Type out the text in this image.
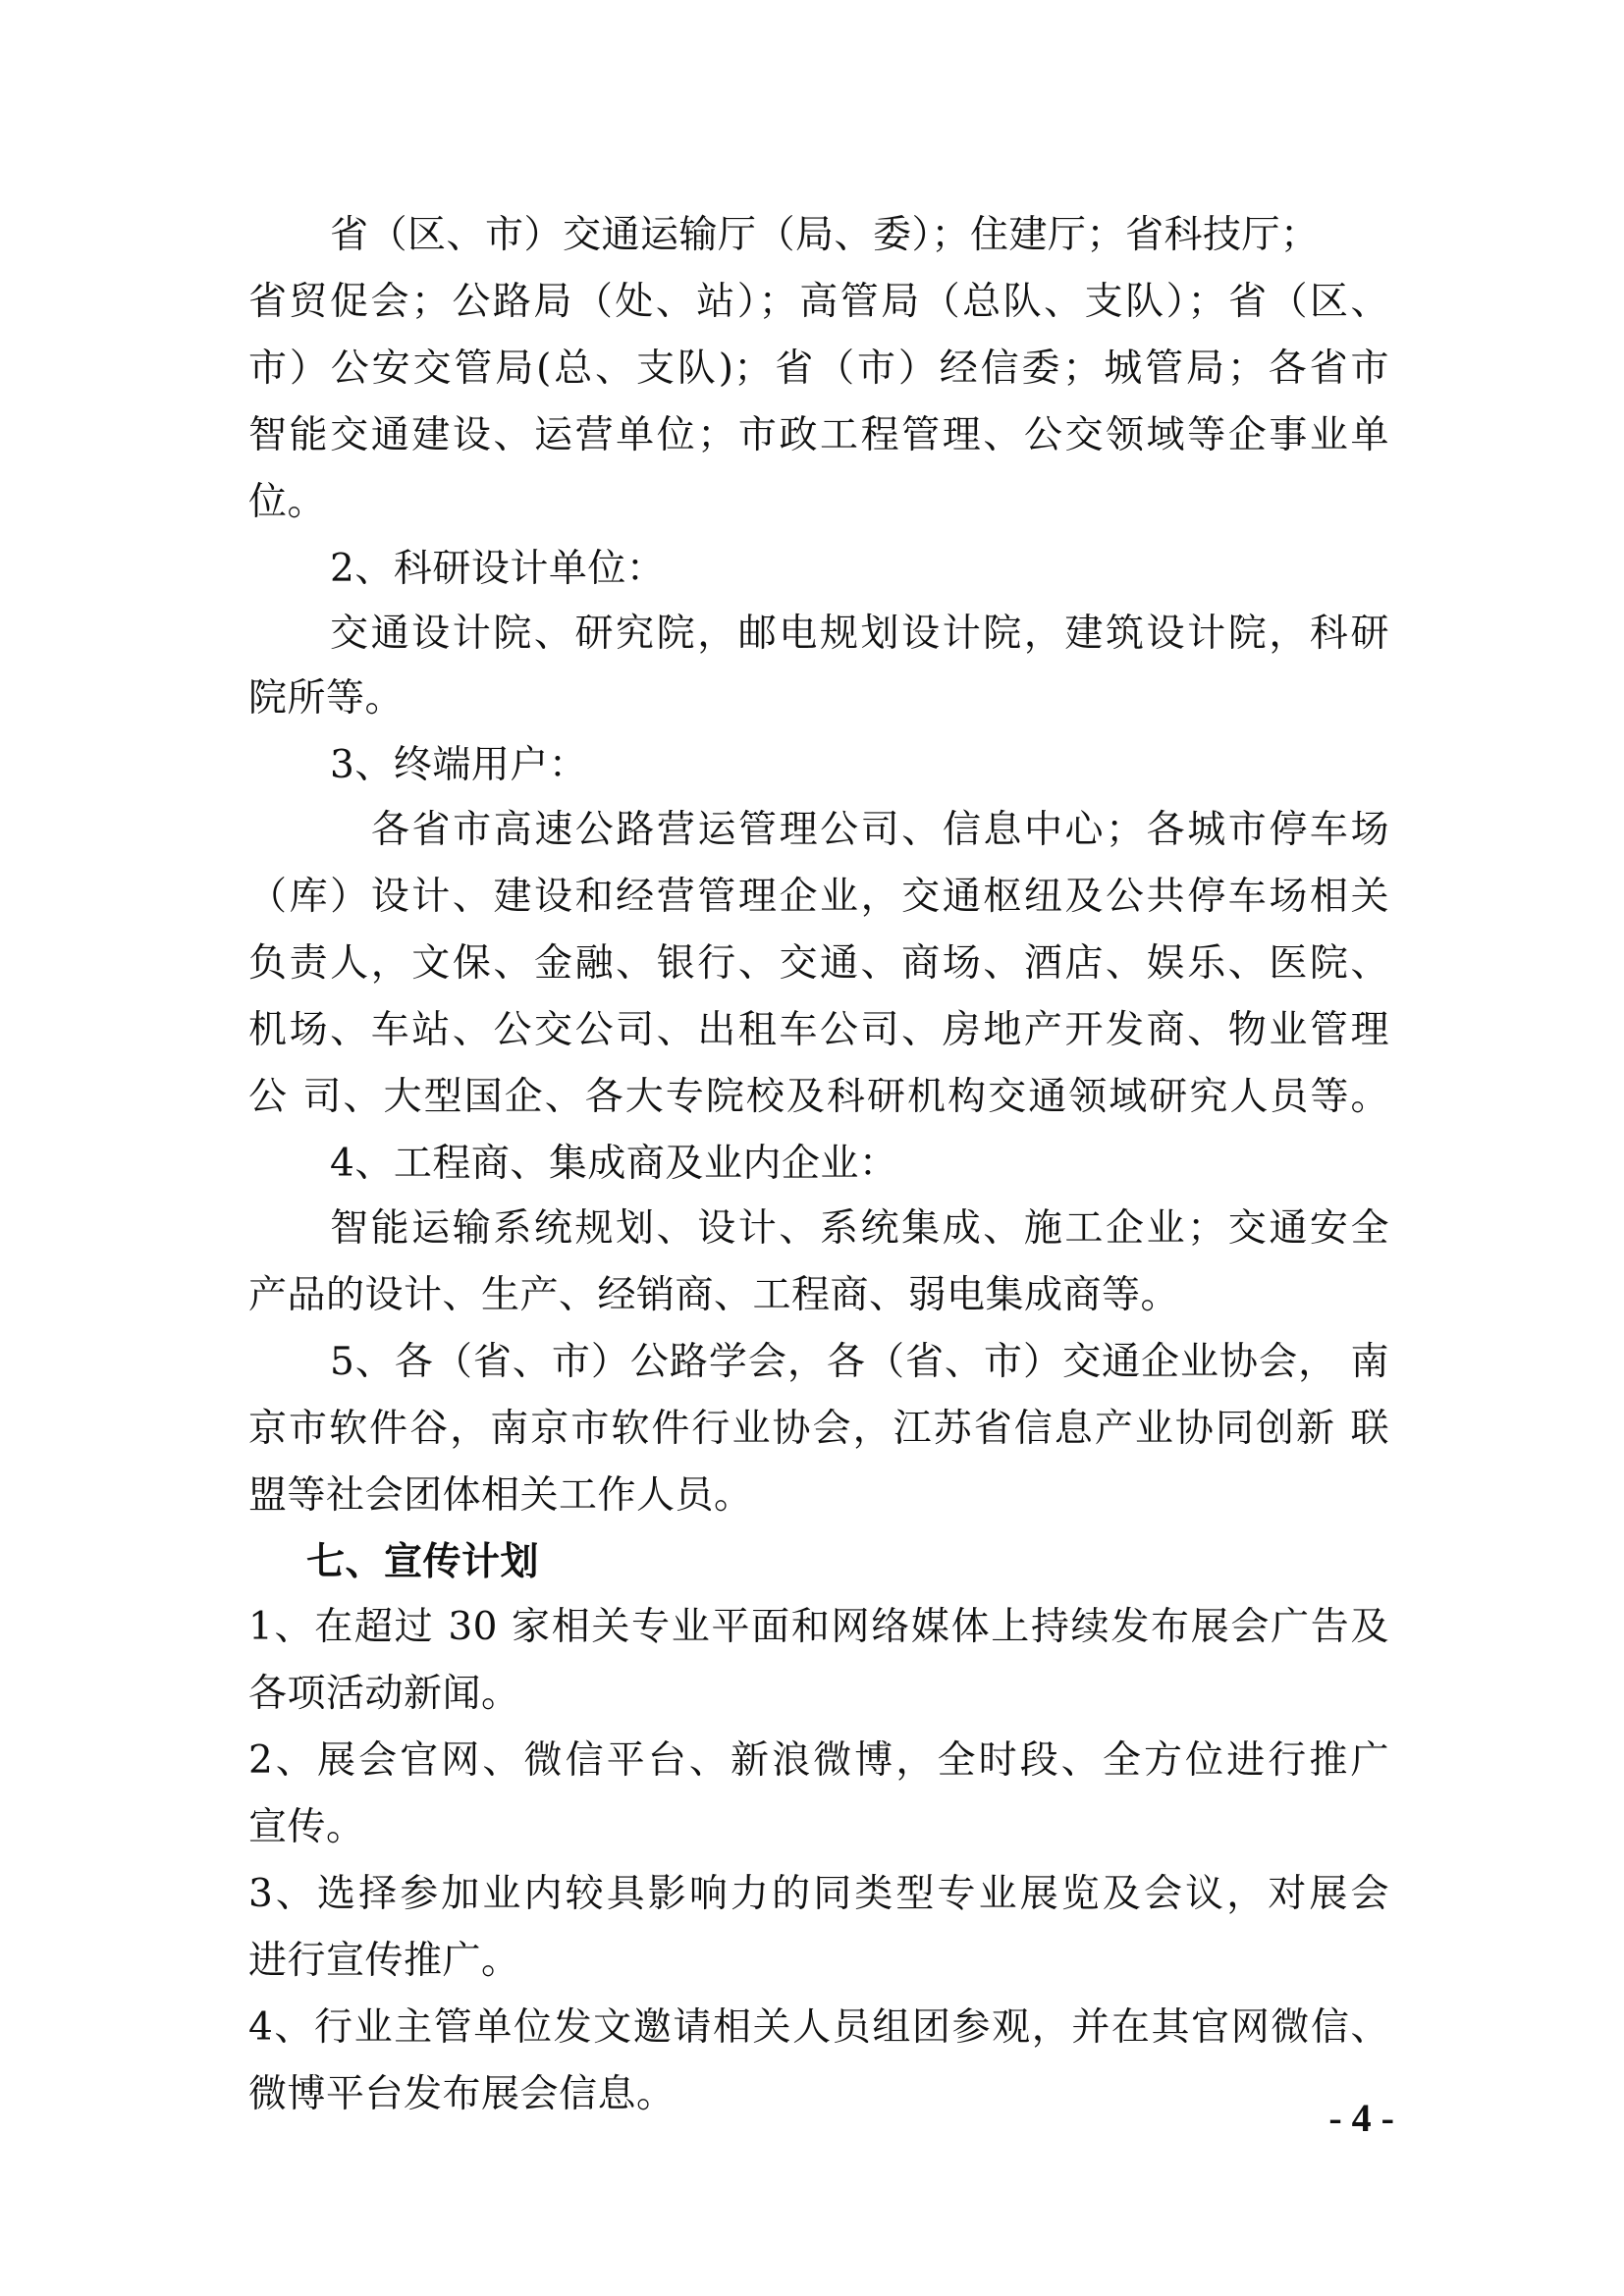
省（区、市）交通运输厅（局、委）；住建厅；省科技厅；
省贸促会；公路局（处、站）；高管局（总队、支队）；省（区、
市）公安交管局(总、支队)；省（市）经信委；城管局；各省市
智能交通建设、运营单位；市政工程管理、公交领域等企事业单
位。
2、科研设计单位：
交通设计院、研究院，邮电规划设计院，建筑设计院，科研
院所等。
3、终端用户：
各省市高速公路营运管理公司、信息中心；各城市停车场
（库）设计、建设和经营管理企业，交通枢纽及公共停车场相关
负责人，文保、金融、银行、交通、商场、酒店、娱乐、医院、
机场、车站、公交公司、出租车公司、房地产开发商、物业管理
公 司、大型国企、各大专院校及科研机构交通领域研究人员等。
4、工程商、集成商及业内企业：
智能运输系统规划、设计、系统集成、施工企业；交通安全
产品的设计、生产、经销商、工程商、弱电集成商等。
5、各（省、市）公路学会，各（省、市）交通企业协会， 南
京市软件谷，南京市软件行业协会，江苏省信息产业协同创新 联
盟等社会团体相关工作人员。
七、宣传计划
1、在超过 30 家相关专业平面和网络媒体上持续发布展会广告及
各项活动新闻。
2、展会官网、微信平台、新浪微博，全时段、全方位进行推广
宣传。
3、选择参加业内较具影响力的同类型专业展览及会议，对展会
进行宣传推广。
4、行业主管单位发文邀请相关人员组团参观，并在其官网微信、
微博平台发布展会信息。
- 4 -
